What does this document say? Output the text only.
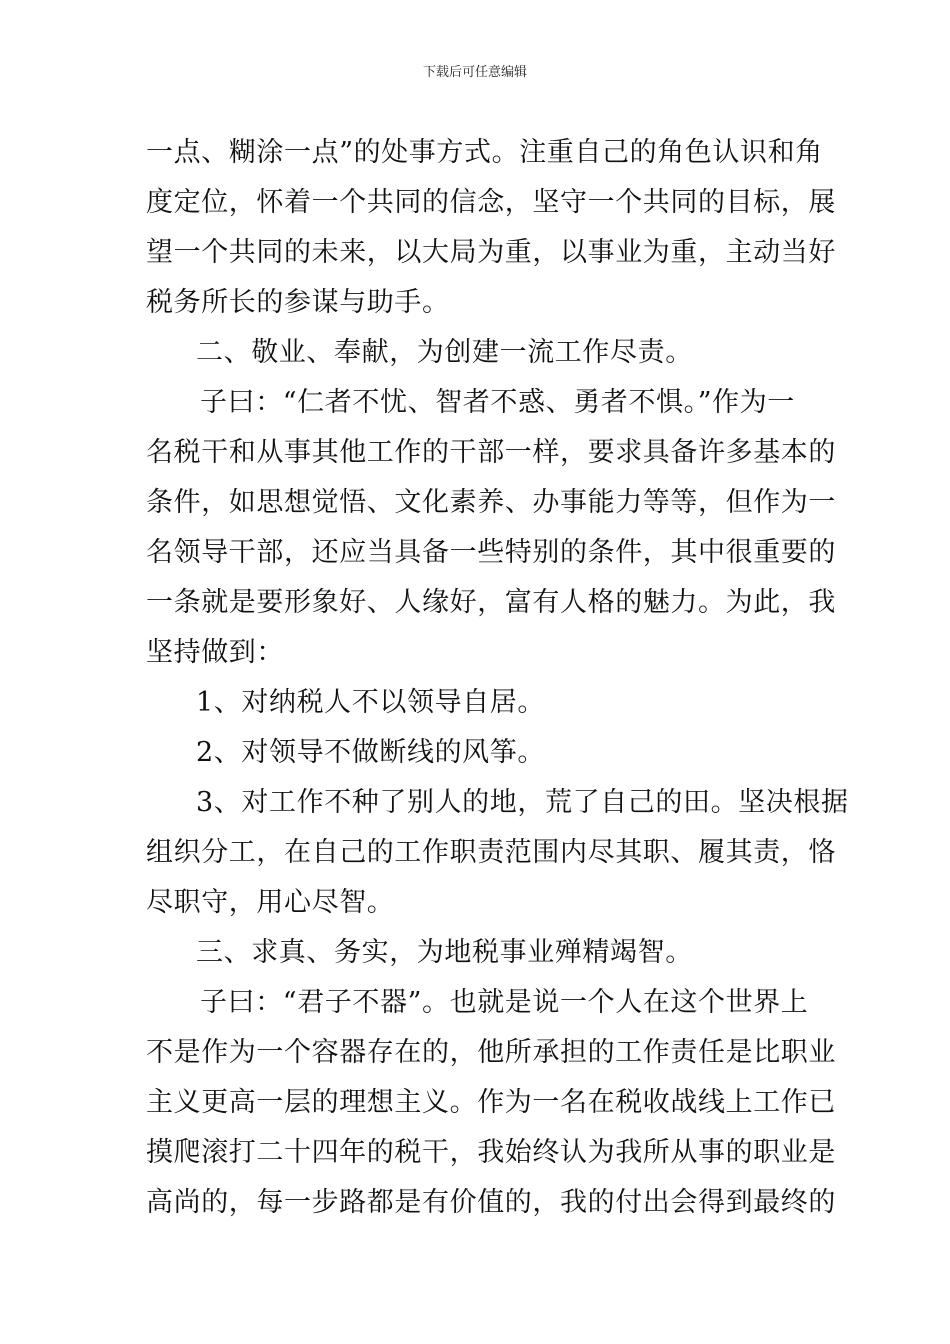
下载后可任意编辑
一点、糊涂一点”的处事方式。注重自己的角色认识和角
度定位，怀着一个共同的信念，坚守一个共同的目标，展
望一个共同的未来，以大局为重，以事业为重，主动当好
税务所长的参谋与助手。
二、敬业、奉献，为创建一流工作尽责。
子曰：“仁者不忧、智者不惑、勇者不惧。”作为一
名税干和从事其他工作的干部一样，要求具备许多基本的
条件，如思想觉悟、文化素养、办事能力等等，但作为一
名领导干部，还应当具备一些特别的条件，其中很重要的
一条就是要形象好、人缘好，富有人格的魅力。为此，我
坚持做到：
1、对纳税人不以领导自居。
2、对领导不做断线的风筝。
3、对工作不种了别人的地，荒了自己的田。坚决根据
组织分工，在自己的工作职责范围内尽其职、履其责，恪
尽职守，用心尽智。
三、求真、务实，为地税事业殚精竭智。
子曰：“君子不器”。也就是说一个人在这个世界上
不是作为一个容器存在的，他所承担的工作责任是比职业
主义更高一层的理想主义。作为一名在税收战线上工作已
摸爬滚打二十四年的税干，我始终认为我所从事的职业是
高尚的，每一步路都是有价值的，我的付出会得到最终的
